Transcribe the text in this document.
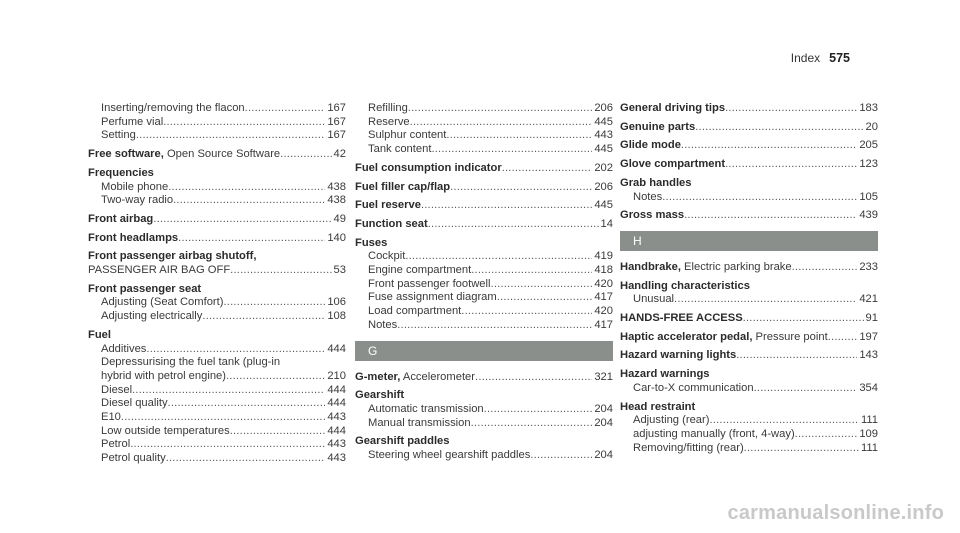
Index 575
Inserting/removing the flacon .....	167
Perfume vial .....	167
Setting .....	167
Free software, Open Source Software .....	42
Frequencies
Mobile phone .....	438
Two-way radio .....	438
Front airbag .....	49
Front headlamps .....	140
Front passenger airbag shutoff,
PASSENGER AIR BAG OFF .....	53
Front passenger seat
Adjusting (Seat Comfort) .....	106
Adjusting electrically .....	108
Fuel
Additives .....	444
Depressurising the fuel tank (plug-in
hybrid with petrol engine) .....	210
Diesel .....	444
Diesel quality .....	444
E10 .....	443
Low outside temperatures .....	444
Petrol .....	443
Petrol quality .....	443
Refilling .....	206
Reserve .....	445
Sulphur content .....	443
Tank content .....	445
Fuel consumption indicator .....	202
Fuel filler cap/flap .....	206
Fuel reserve .....	445
Function seat .....	14
Fuses
Cockpit .....	419
Engine compartment .....	418
Front passenger footwell .....	420
Fuse assignment diagram .....	417
Load compartment .....	420
Notes .....	417
G
G-meter, Accelerometer .....	321
Gearshift
Automatic transmission .....	204
Manual transmission .....	204
Gearshift paddles
Steering wheel gearshift paddles .....	204
General driving tips .....	183
Genuine parts .....	20
Glide mode .....	205
Glove compartment .....	123
Grab handles
Notes .....	105
Gross mass .....	439
H
Handbrake, Electric parking brake .....	233
Handling characteristics
Unusual .....	421
HANDS-FREE ACCESS .....	91
Haptic accelerator pedal, Pressure point .....	197
Hazard warning lights .....	143
Hazard warnings
Car-to-X communication .....	354
Head restraint
Adjusting (rear) .....	111
adjusting manually (front, 4-way) .....	109
Removing/fitting (rear) .....	111
carmanualsonline.info
